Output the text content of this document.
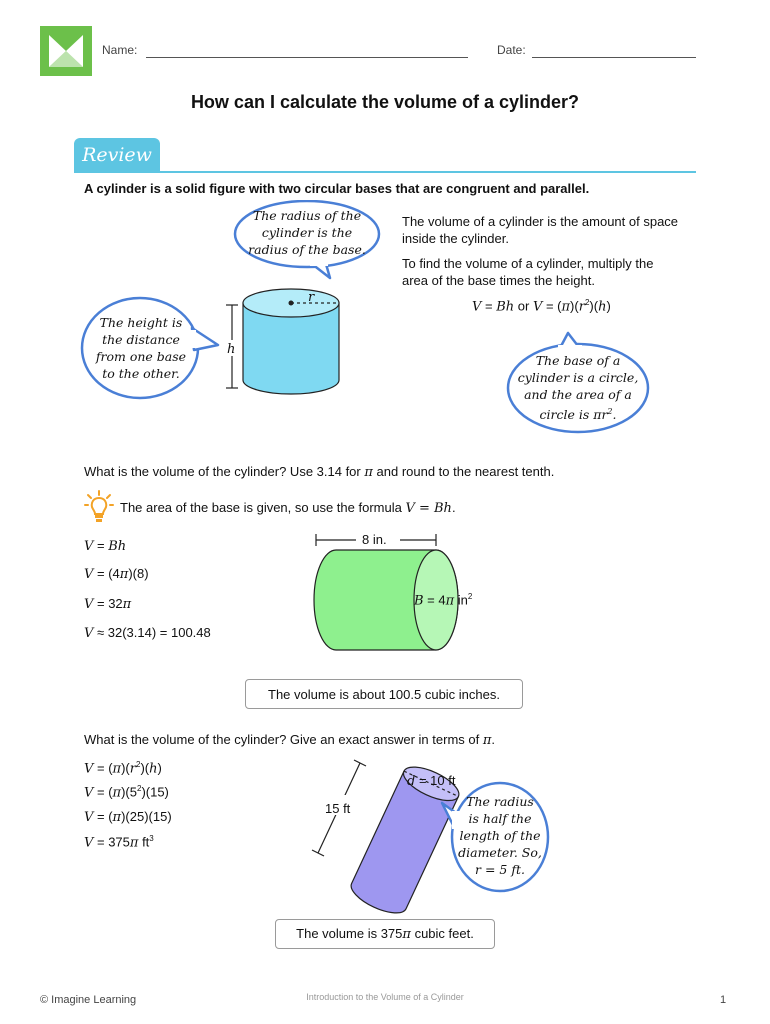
Name:	Date:
How can I calculate the volume of a cylinder?
Review
A cylinder is a solid figure with two circular bases that are congruent and parallel.
The radius of the
cylinder is the
radius of the base.
The height is
the distance
from one base
to the other.
r
h
The base of a
cylinder is a circle,
and the area of a
circle is $\pi r^2$.
The volume of a cylinder is the amount of space inside the cylinder.
To find the volume of a cylinder, multiply the area of the base times the height.
V = Bh or $V = (\pi)(r^2)(h)$
What is the volume of the cylinder? Use 3.14 for π and round to the nearest tenth.
The area of the base is given, so use the formula V = Bh.
V = Bh
V = (4π)(8)
V = 32π
V ≈ 32(3.14) = 100.48
8 in.
B = 4π $in^2$
The volume is about 100.5 cubic inches.
What is the volume of the cylinder? Give an exact answer in terms of π.
$V = (\pi)(r^2)(h)$
$V = (\pi)(5^2)(15)$
V = (π)(25)(15)
V = 375π $ft^3$
d = 10 ft
15 ft	The radius
is half the
length of the
diameter. So,
r = 5 ft.
The volume is 375π cubic feet.
© Imagine Learning	Introduction to the Volume of a Cylinder	1
